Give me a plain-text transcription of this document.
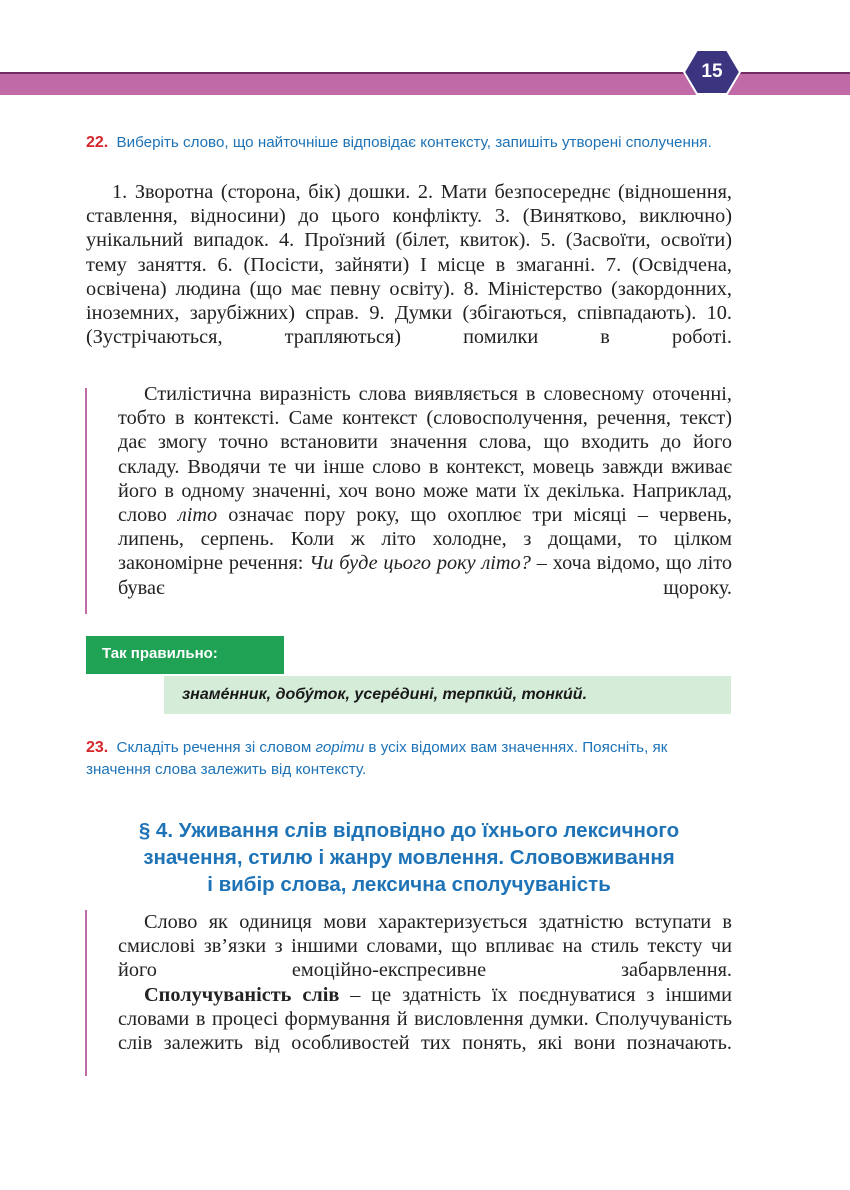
15
22. Виберіть слово, що найточніше відповідає контексту, запишіть утворені сполучення.

1. Зворотна (сторона, бік) дошки. 2. Мати безпосереднє (відношення, ставлення, відносини) до цього конфлікту. 3. (Винятково, виключно) унікальний випадок. 4. Проїзний (білет, квиток). 5. (Засвоїти, освоїти) тему заняття. 6. (Посісти, зайняти) І місце в змаганні. 7. (Освідчена, освічена) людина (що має певну освіту). 8. Міністерство (закордонних, іноземних, зарубіжних) справ. 9. Думки (збігаються, співпадають). 10. (Зустрічаються, трапляються) помилки в роботі.

Стилістична виразність слова виявляється в словесному оточенні, тобто в контексті. Саме контекст (словосполучення, речення, текст) дає змогу точно встановити значення слова, що входить до його складу. Вводячи те чи інше слово в контекст, мовець завжди вживає його в одному значенні, хоч воно може мати їх декілька. Наприклад, слово літо означає пору року, що охоплює три місяці – червень, липень, серпень. Коли ж літо холодне, з дощами, то цілком закономірне речення: Чи буде цього року літо? – хоча відомо, що літо буває щороку.

Так правильно:
знаме́нник, добу́ток, усере́дині, терпки́й, тонки́й.
23. Складіть речення зі словом горіти в усіх відомих вам значеннях. Поясніть, як значення слова залежить від контексту.
§ 4. Уживання слів відповідно до їхнього лексичного
значення, стилю і жанру мовлення. Слововживання
і вибір слова, лексична сполучуваність

Слово як одиниця мови характеризується здатністю вступати в смислові зв’язки з іншими словами, що впливає на стиль тексту чи його емоційно-експресивне забарвлення.

Сполучуваність слів – це здатність їх поєднуватися з іншими словами в процесі формування й висловлення думки. Сполучуваність слів залежить від особливостей тих понять, які вони позначають.
